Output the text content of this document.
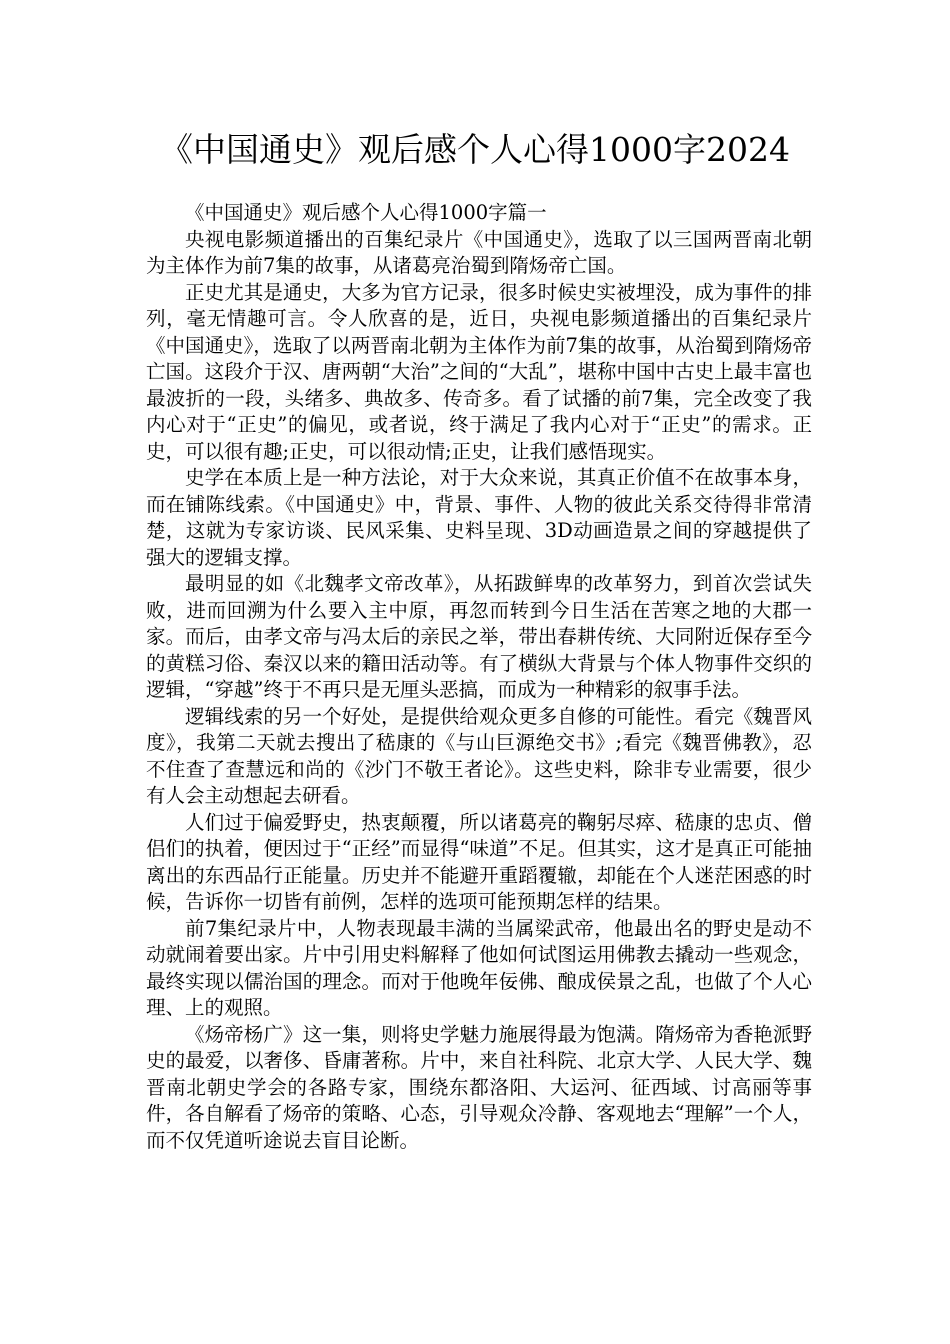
《中国通史》观后感个人心得1000字2024

《中国通史》观后感个人心得1000字篇一

央视电影频道播出的百集纪录片《中国通史》，选取了以三国两晋南北朝为主体作为前7集的故事，从诸葛亮治蜀到隋炀帝亡国。

正史尤其是通史，大多为官方记录，很多时候史实被埋没，成为事件的排列，毫无情趣可言。令人欣喜的是，近日，央视电影频道播出的百集纪录片《中国通史》，选取了以两晋南北朝为主体作为前7集的故事，从治蜀到隋炀帝亡国。这段介于汉、唐两朝“大治”之间的“大乱”，堪称中国中古史上最丰富也最波折的一段，头绪多、典故多、传奇多。看了试播的前7集，完全改变了我内心对于“正史”的偏见，或者说，终于满足了我内心对于“正史”的需求。正史，可以很有趣;正史，可以很动情;正史，让我们感悟现实。

史学在本质上是一种方法论，对于大众来说，其真正价值不在故事本身，而在铺陈线索。《中国通史》中，背景、事件、人物的彼此关系交待得非常清楚，这就为专家访谈、民风采集、史料呈现、3D动画造景之间的穿越提供了强大的逻辑支撑。

最明显的如《北魏孝文帝改革》，从拓跋鲜卑的改革努力，到首次尝试失败，进而回溯为什么要入主中原，再忽而转到今日生活在苦寒之地的大郡一家。而后，由孝文帝与冯太后的亲民之举，带出春耕传统、大同附近保存至今的黄糕习俗、秦汉以来的籍田活动等。有了横纵大背景与个体人物事件交织的逻辑，“穿越”终于不再只是无厘头恶搞，而成为一种精彩的叙事手法。

逻辑线索的另一个好处，是提供给观众更多自修的可能性。看完《魏晋风度》，我第二天就去搜出了嵇康的《与山巨源绝交书》;看完《魏晋佛教》，忍不住查了查慧远和尚的《沙门不敬王者论》。这些史料，除非专业需要，很少有人会主动想起去研看。

人们过于偏爱野史，热衷颠覆，所以诸葛亮的鞠躬尽瘁、嵇康的忠贞、僧侣们的执着，便因过于“正经”而显得“味道”不足。但其实，这才是真正可能抽离出的东西品行正能量。历史并不能避开重蹈覆辙，却能在个人迷茫困惑的时候，告诉你一切皆有前例，怎样的选项可能预期怎样的结果。

前7集纪录片中，人物表现最丰满的当属梁武帝，他最出名的野史是动不动就闹着要出家。片中引用史料解释了他如何试图运用佛教去撬动一些观念，最终实现以儒治国的理念。而对于他晚年佞佛、酿成侯景之乱，也做了个人心理、上的观照。

《炀帝杨广》这一集，则将史学魅力施展得最为饱满。隋炀帝为香艳派野史的最爱，以奢侈、昏庸著称。片中，来自社科院、北京大学、人民大学、魏晋南北朝史学会的各路专家，围绕东都洛阳、大运河、征西域、讨高丽等事件，各自解看了炀帝的策略、心态，引导观众冷静、客观地去“理解”一个人，而不仅凭道听途说去盲目论断。
